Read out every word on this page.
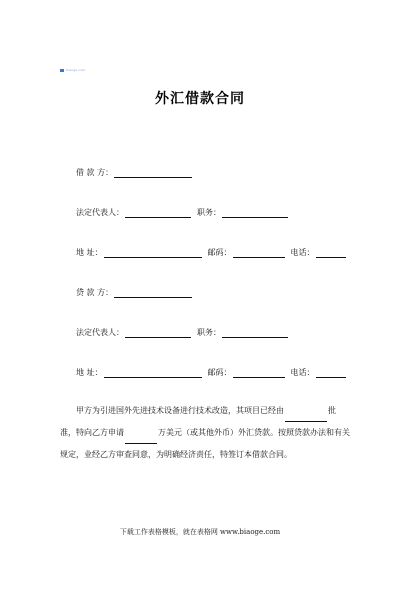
biaoge.com
外汇借款合同
借 款 方：
法定代表人：	职务：
地 址：	邮码：	电话：
贷 款 方：
法定代表人：	职务：
地 址：	邮码：	电话：
甲方为引进国外先进技术设备进行技术改造，其项目已经由	批
准，特向乙方申请	万美元（或其他外币）外汇贷款。按照贷款办法和有关
规定，业经乙方审查同意，为明确经济责任，特签订本借款合同。
下载工作表格模板，就在表格网 www.biaoge.com
